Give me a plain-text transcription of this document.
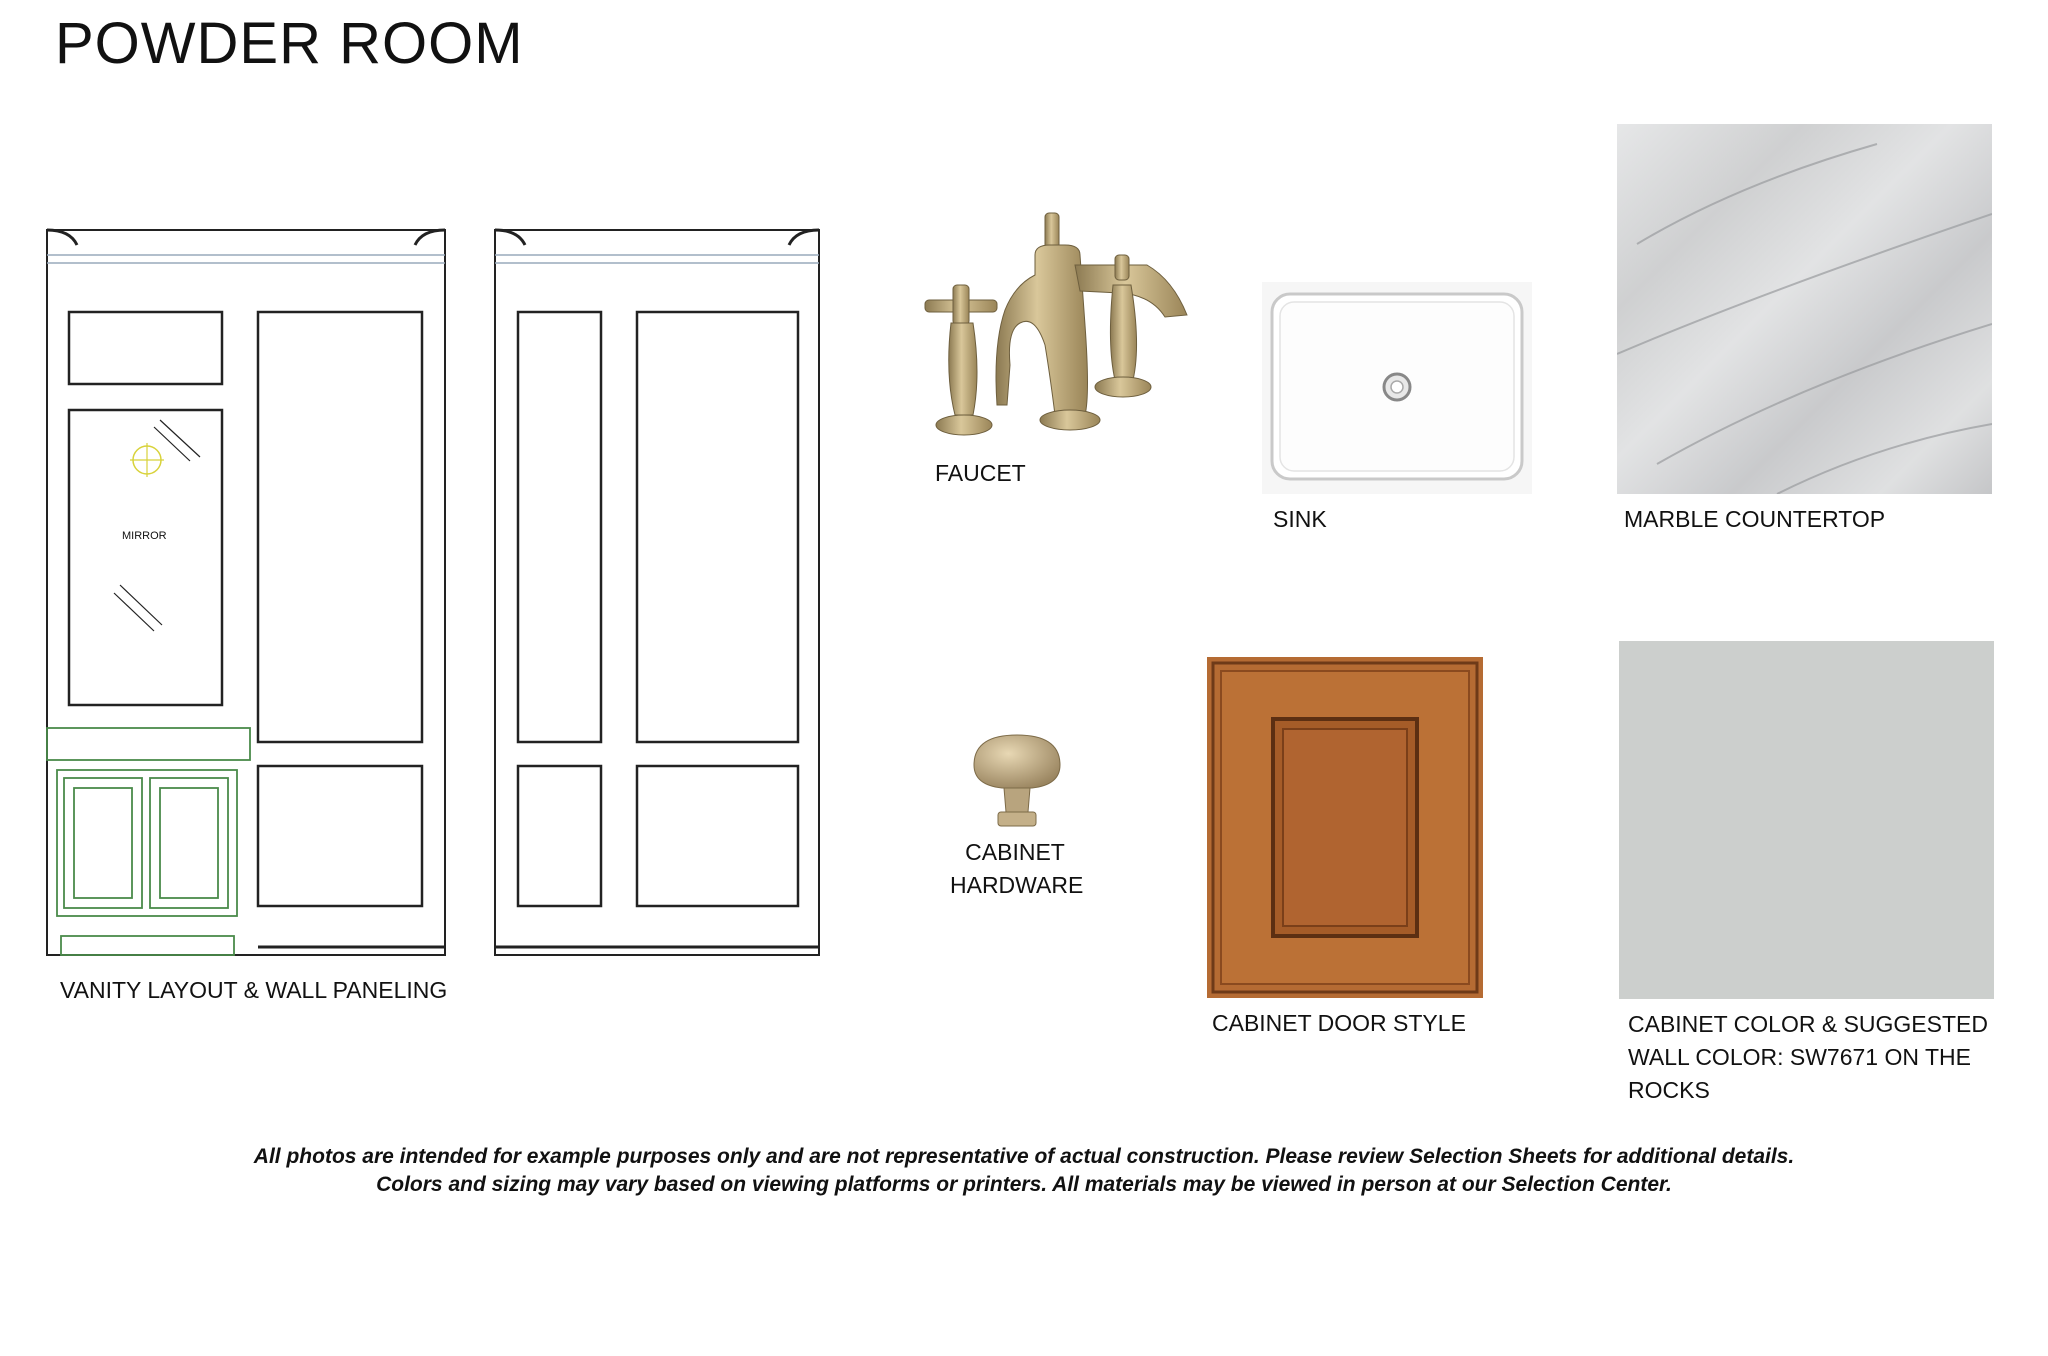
POWDER ROOM
MIRROR
VANITY LAYOUT & WALL PANELING
FAUCET
SINK	MARBLE COUNTERTOP
CABINET
HARDWARE
CABINET DOOR STYLE	CABINET COLOR & SUGGESTED
WALL COLOR: SW7671 ON THE
ROCKS
All photos are intended for example purposes only and are not representative of actual construction. Please review Selection Sheets for additional details.
Colors and sizing may vary based on viewing platforms or printers. All materials may be viewed in person at our Selection Center.
